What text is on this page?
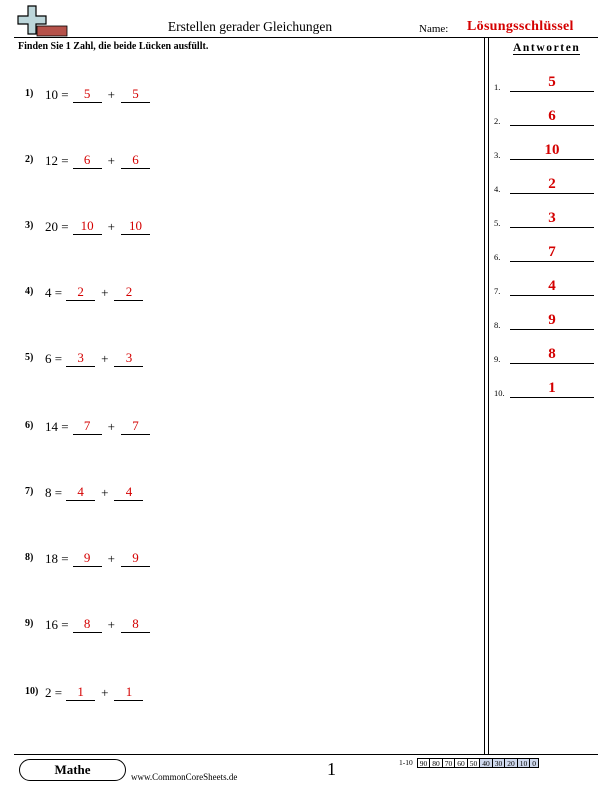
Erstellen gerader Gleichungen	Name: Lösungsschlüssel
Finden Sie 1 Zahl, die beide Lücken ausfüllt.
1) 10 =	5	+	5
2) 12 =	6	+	6
3) 20 = 10	+	10
4) 4 =	2	+	2
5) 6 =	3	+	3
6) 14 =	7	+	7
7) 8 =	4	+	4
8) 18 =	9	+	9
9) 16 =	8	+	8
10) 2 =	1	+	1
Antworten
1.	5
2.	6
3.	10
4.	2
5.	3
6.	7
7.	4
8.	9
9.	8
10.	1
Mathe	www.CommonCoreSheets.de	1	1-10 90 80 70 60 50 40 30 20 10 0
